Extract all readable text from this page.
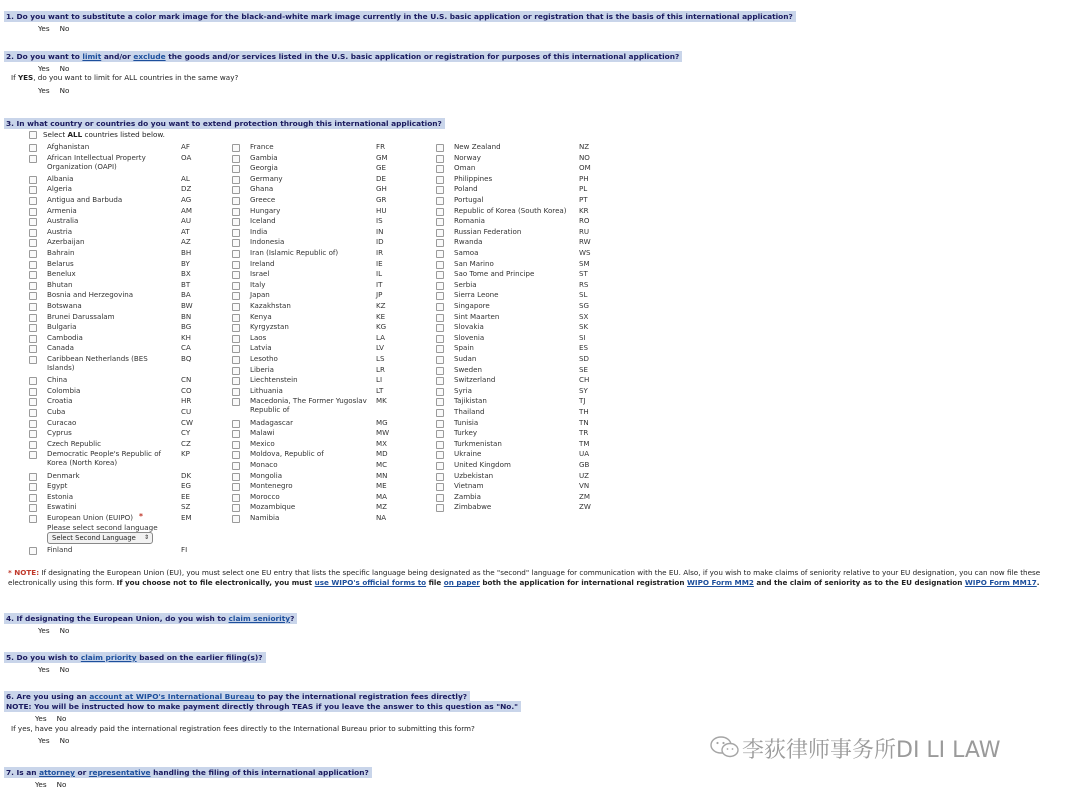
1. Do you want to substitute a color mark image for the black-and-white mark image currently in the U.S. basic application or registration that is the basis of this international application?
Yes No
2. Do you want to limit and/or exclude the goods and/or services listed in the U.S. basic application or registration for purposes of this international application?
Yes No
If YES, do you want to limit for ALL countries in the same way?
Yes No
3. In what country or countries do you want to extend protection through this international application?
Select ALL countries listed below.
Afghanistan	AF
African Intellectual Property
Organization (OAPI)
OA
Albania	AL
Algeria	DZ
Antigua and Barbuda	AG
Armenia	AM
Australia	AU
Austria	AT
Azerbaijan	AZ
Bahrain	BH
Belarus	BY
Benelux	BX
Bhutan	BT
Bosnia and Herzegovina	BA
Botswana	BW
Brunei Darussalam	BN
Bulgaria	BG
Cambodia	KH
Canada	CA
Caribbean Netherlands (BES
Islands)
BQ
China	CN
Colombia	CO
Croatia	HR
Cuba	CU
Curacao	CW
Cyprus	CY
Czech Republic	CZ
Democratic People's Republic of
Korea (North Korea)
KP
Denmark	DK
Egypt	EG
Estonia	EE
Eswatini	SZ
European Union (EUIPO)	EM
France	FR
Gambia	GM
Georgia	GE
Germany	DE
Ghana	GH
Greece	GR
Hungary	HU
Iceland	IS
India	IN
Indonesia	ID
Iran (Islamic Republic of)	IR
Ireland	IE
Israel	IL
Italy	IT
Japan	JP
Kazakhstan	KZ
Kenya	KE
Kyrgyzstan	KG
Laos	LA
Latvia	LV
Lesotho	LS
Liberia	LR
Liechtenstein	LI
Lithuania	LT
Macedonia, The Former Yugoslav
Republic of
MK
Madagascar	MG
Malawi	MW
Mexico	MX
Moldova, Republic of	MD
Monaco	MC
Mongolia	MN
Montenegro	ME
Morocco	MA
Mozambique	MZ
Namibia	NA
New Zealand	NZ
Norway	NO
Oman	OM
Philippines	PH
Poland	PL
Portugal	PT
Republic of Korea (South Korea) KR
Romania	RO
Russian Federation	RU
Rwanda	RW
Samoa	WS
San Marino	SM
Sao Tome and Principe	ST
Serbia	RS
Sierra Leone	SL
Singapore	SG
Sint Maarten	SX
Slovakia	SK
Slovenia	SI
Spain	ES
Sudan	SD
Sweden	SE
Switzerland	CH
Syria	SY
Tajikistan	TJ
Thailand	TH
Tunisia	TN
Turkey	TR
Turkmenistan	TM
Ukraine	UA
United Kingdom	GB
Uzbekistan	UZ
Vietnam	VN
Zambia	ZM
Zimbabwe	ZW
*
Please select second language
Select Second Language ⇕
Finland	FI
* NOTE: If designating the European Union (EU), you must select one EU entry that lists the specific language being designated as the "second" language for communication with the EU. Also, if you wish to make claims of seniority relative to your EU designation, you can now file these electronically using this form. If you choose not to file electronically, you must use WIPO's official forms to file on paper both the application for international registration WIPO Form MM2 and the claim of seniority as to the EU designation WIPO Form MM17.
4. If designating the European Union, do you wish to claim seniority?
Yes No
5. Do you wish to claim priority based on the earlier filing(s)?
Yes No
6. Are you using an account at WIPO's International Bureau to pay the international registration fees directly?
NOTE: You will be instructed how to make payment directly through TEAS if you leave the answer to this question as "No."
Yes No
If yes, have you already paid the international registration fees directly to the International Bureau prior to submitting this form?
Yes No
7. Is an attorney or representative handling the filing of this international application?
Yes No
李荻律师事务所DI LI LAW
